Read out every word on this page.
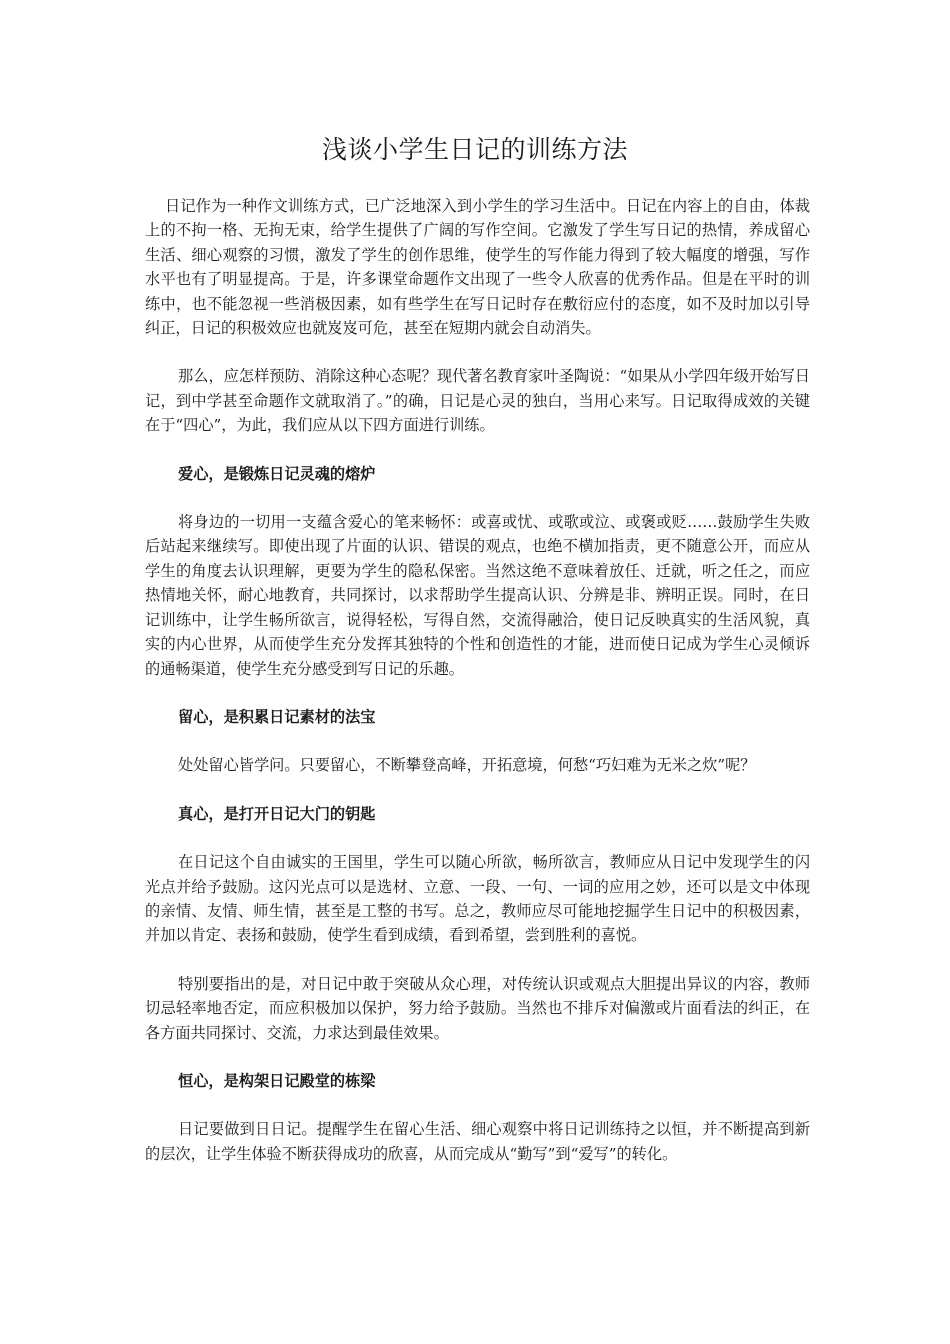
浅谈小学生日记的训练方法

日记作为一种作文训练方式，已广泛地深入到小学生的学习生活中。日记在内容上的自由，体裁上的不拘一格、无拘无束，给学生提供了广阔的写作空间。它激发了学生写日记的热情，养成留心生活、细心观察的习惯，激发了学生的创作思维，使学生的写作能力得到了较大幅度的增强，写作水平也有了明显提高。于是，许多课堂命题作文出现了一些令人欣喜的优秀作品。但是在平时的训练中，也不能忽视一些消极因素，如有些学生在写日记时存在敷衍应付的态度，如不及时加以引导纠正，日记的积极效应也就岌岌可危，甚至在短期内就会自动消失。

那么，应怎样预防、消除这种心态呢？现代著名教育家叶圣陶说：“如果从小学四年级开始写日记，到中学甚至命题作文就取消了。”的确，日记是心灵的独白，当用心来写。日记取得成效的关键在于“四心”，为此，我们应从以下四方面进行训练。

爱心，是锻炼日记灵魂的熔炉

将身边的一切用一支蕴含爱心的笔来畅怀：或喜或忧、或歌或泣、或褒或贬……鼓励学生失败后站起来继续写。即使出现了片面的认识、错误的观点，也绝不横加指责，更不随意公开，而应从学生的角度去认识理解，更要为学生的隐私保密。当然这绝不意味着放任、迁就，听之任之，而应热情地关怀，耐心地教育，共同探讨，以求帮助学生提高认识、分辨是非、辨明正误。同时，在日记训练中，让学生畅所欲言，说得轻松，写得自然，交流得融洽，使日记反映真实的生活风貌，真实的内心世界，从而使学生充分发挥其独特的个性和创造性的才能，进而使日记成为学生心灵倾诉的通畅渠道，使学生充分感受到写日记的乐趣。

留心，是积累日记素材的法宝

处处留心皆学问。只要留心，不断攀登高峰，开拓意境，何愁“巧妇难为无米之炊”呢？

真心，是打开日记大门的钥匙

在日记这个自由诚实的王国里，学生可以随心所欲，畅所欲言，教师应从日记中发现学生的闪光点并给予鼓励。这闪光点可以是选材、立意、一段、一句、一词的应用之妙，还可以是文中体现的亲情、友情、师生情，甚至是工整的书写。总之，教师应尽可能地挖掘学生日记中的积极因素，并加以肯定、表扬和鼓励，使学生看到成绩，看到希望，尝到胜利的喜悦。

特别要指出的是，对日记中敢于突破从众心理，对传统认识或观点大胆提出异议的内容，教师切忌轻率地否定，而应积极加以保护，努力给予鼓励。当然也不排斥对偏激或片面看法的纠正，在各方面共同探讨、交流，力求达到最佳效果。

恒心，是构架日记殿堂的栋梁

日记要做到日日记。提醒学生在留心生活、细心观察中将日记训练持之以恒，并不断提高到新的层次，让学生体验不断获得成功的欣喜，从而完成从“勤写”到“爱写”的转化。
